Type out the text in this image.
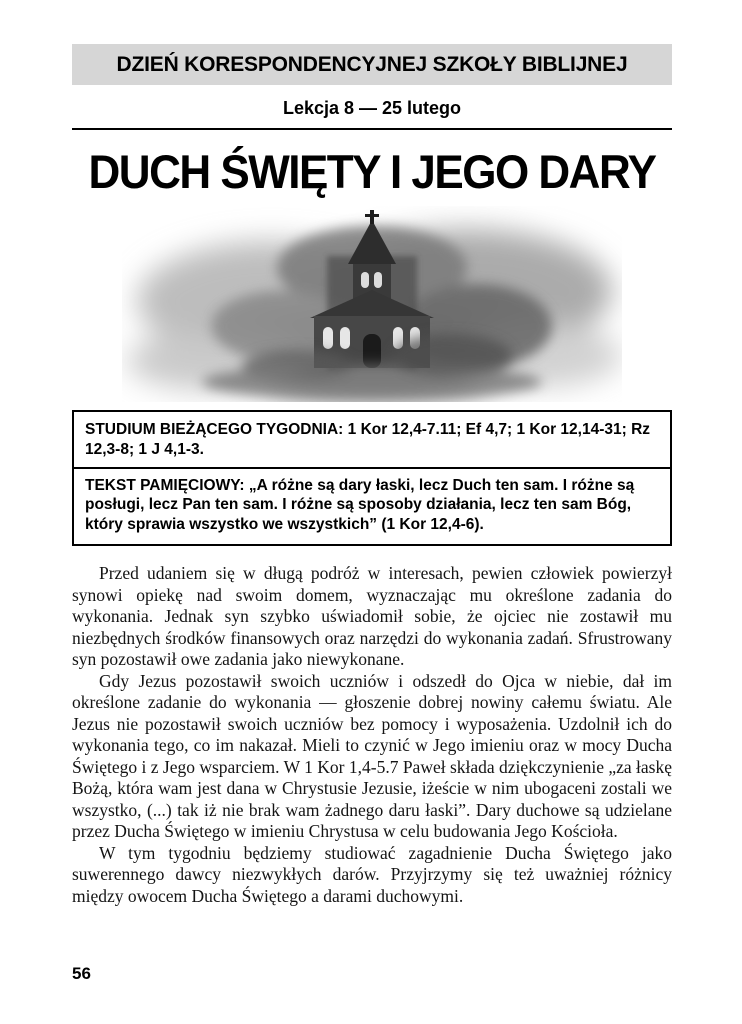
DZIEŃ KORESPONDENCYJNEJ SZKOŁY BIBLIJNEJ
Lekcja 8 — 25 lutego
DUCH ŚWIĘTY I JEGO DARY

STUDIUM BIEŻĄCEGO TYGODNIA: 1 Kor 12,4-7.11; Ef 4,7; 1 Kor 12,14-31; Rz 12,3-8; 1 J 4,1-3.

TEKST PAMIĘCIOWY: „A różne są dary łaski, lecz Duch ten sam. I różne są posługi, lecz Pan ten sam. I różne są sposoby działania, lecz ten sam Bóg, który sprawia wszystko we wszystkich” (1 Kor 12,4-6).

Przed udaniem się w długą podróż w interesach, pewien człowiek powierzył synowi opiekę nad swoim domem, wyznaczając mu określone zadania do wykonania. Jednak syn szybko uświadomił sobie, że ojciec nie zostawił mu niezbędnych środków finansowych oraz narzędzi do wykonania zadań. Sfrustrowany syn pozostawił owe zadania jako niewykonane.

Gdy Jezus pozostawił swoich uczniów i odszedł do Ojca w niebie, dał im określone zadanie do wykonania — głoszenie dobrej nowiny całemu światu. Ale Jezus nie pozostawił swoich uczniów bez pomocy i wyposażenia. Uzdolnił ich do wykonania tego, co im nakazał. Mieli to czynić w Jego imieniu oraz w mocy Ducha Świętego i z Jego wsparciem. W 1 Kor 1,4-5.7 Paweł składa dziękczynienie „za łaskę Bożą, która wam jest dana w Chrystusie Jezusie, iżeście w nim ubogaceni zostali we wszystko, (...) tak iż nie brak wam żadnego daru łaski”. Dary duchowe są udzielane przez Ducha Świętego w imieniu Chrystusa w celu budowania Jego Kościoła.

W tym tygodniu będziemy studiować zagadnienie Ducha Świętego jako suwerennego dawcy niezwykłych darów. Przyjrzymy się też uważniej różnicy między owocem Ducha Świętego a darami duchowymi.

56
